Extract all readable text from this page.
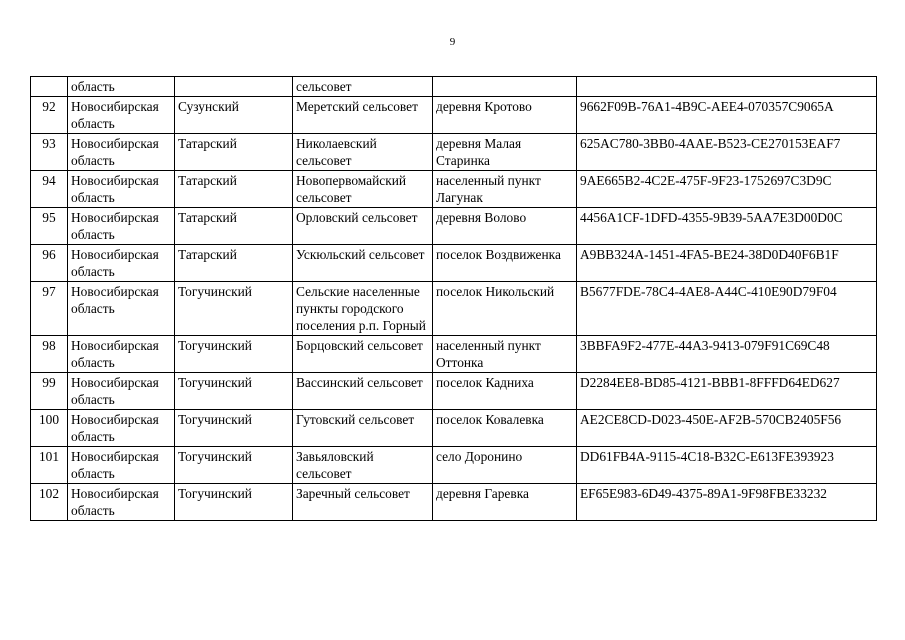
9
	область		сельсовет		
92	Новосибирская область	Сузунский	Меретский сельсовет	деревня Кротово	9662F09B-76A1-4B9C-AEE4-070357C9065A
93	Новосибирская область	Татарский	Николаевский сельсовет	деревня Малая Старинка	625AC780-3BB0-4AAE-B523-CE270153EAF7
94	Новосибирская область	Татарский	Новопервомайский сельсовет	населенный пункт Лагунак	9AE665B2-4C2E-475F-9F23-1752697C3D9C
95	Новосибирская область	Татарский	Орловский сельсовет	деревня Волово	4456A1CF-1DFD-4355-9B39-5AA7E3D00D0C
96	Новосибирская область	Татарский	Ускюльский сельсовет	поселок Воздвиженка	A9BB324A-1451-4FA5-BE24-38D0D40F6B1F
97	Новосибирская область	Тогучинский	Сельские населенные пункты городского поселения р.п. Горный	поселок Никольский	B5677FDE-78C4-4AE8-A44C-410E90D79F04
98	Новосибирская область	Тогучинский	Борцовский сельсовет	населенный пункт Оттонка	3BBFA9F2-477E-44A3-9413-079F91C69C48
99	Новосибирская область	Тогучинский	Вассинский сельсовет	поселок Кадниха	D2284EE8-BD85-4121-BBB1-8FFFD64ED627
100	Новосибирская область	Тогучинский	Гутовский сельсовет	поселок Ковалевка	AE2CE8CD-D023-450E-AF2B-570CB2405F56
101	Новосибирская область	Тогучинский	Завьяловский сельсовет	село Доронино	DD61FB4A-9115-4C18-B32C-E613FE393923
102	Новосибирская область	Тогучинский	Заречный сельсовет	деревня Гаревка	EF65E983-6D49-4375-89A1-9F98FBE33232
